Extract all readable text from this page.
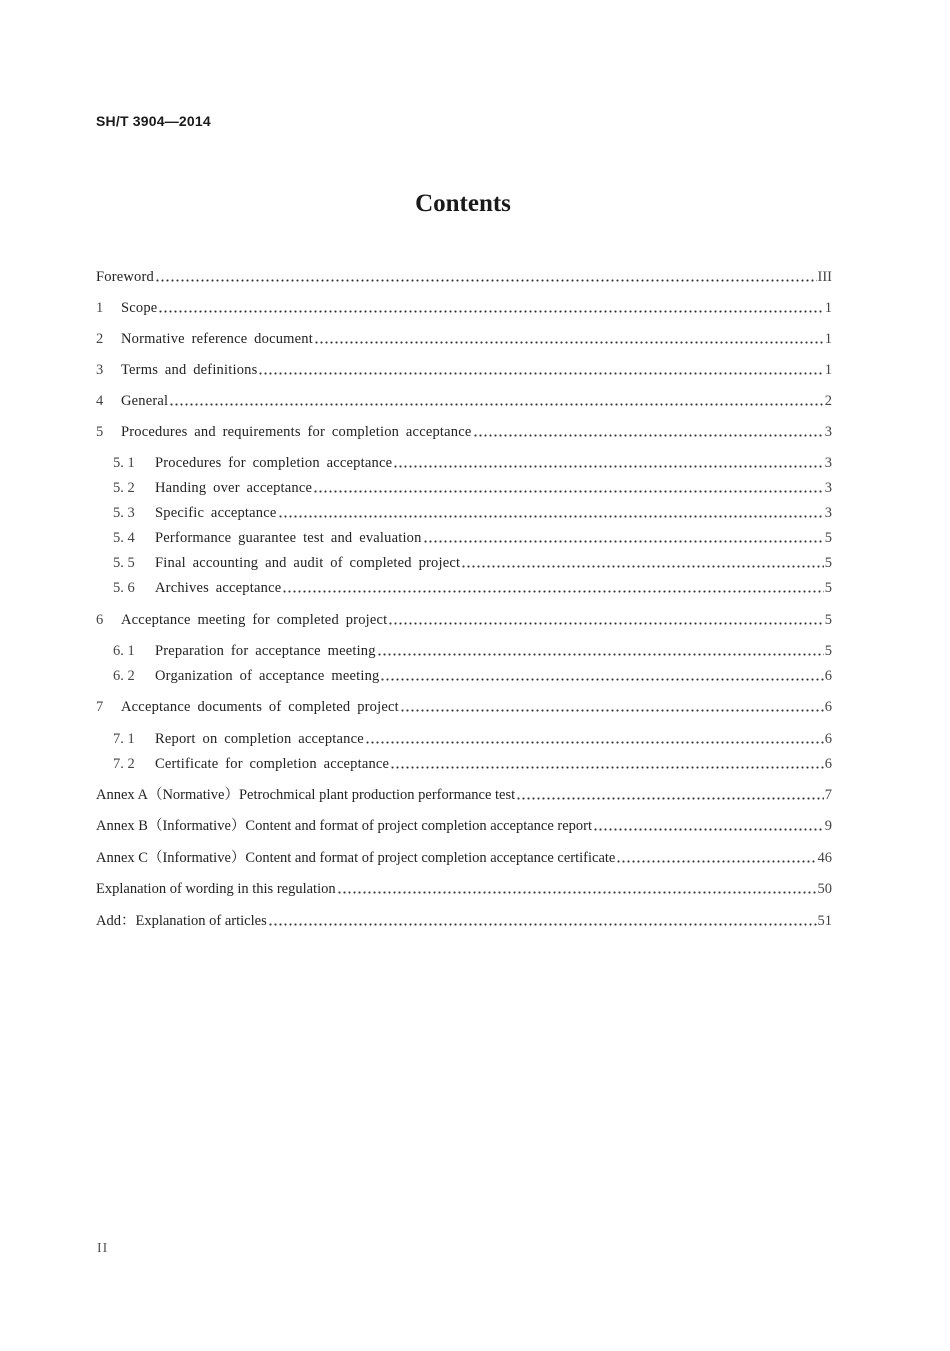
SH/T 3904—2014
Contents
Foreword	III
1	Scope	1
2	Normative reference document	1
3	Terms and definitions	1
4	General	2
5	Procedures and requirements for completion acceptance	3
5. 1	Procedures for completion acceptance	3
5. 2	Handing over acceptance	3
5. 3	Specific acceptance	3
5. 4	Performance guarantee test and evaluation	5
5. 5	Final accounting and audit of completed project	5
5. 6	Archives acceptance	5
6	Acceptance meeting for completed project	5
6. 1	Preparation for acceptance meeting	5
6. 2	Organization of acceptance meeting	6
7	Acceptance documents of completed project	6
7. 1	Report on completion acceptance	6
7. 2	Certificate for completion acceptance	6
Annex A（Normative）Petrochmical plant production performance test	7
Annex B（Informative）Content and format of project completion acceptance report	9
Annex C（Informative）Content and format of project completion acceptance certificate	46
Explanation of wording in this regulation	50
Add：Explanation of articles	51
II
